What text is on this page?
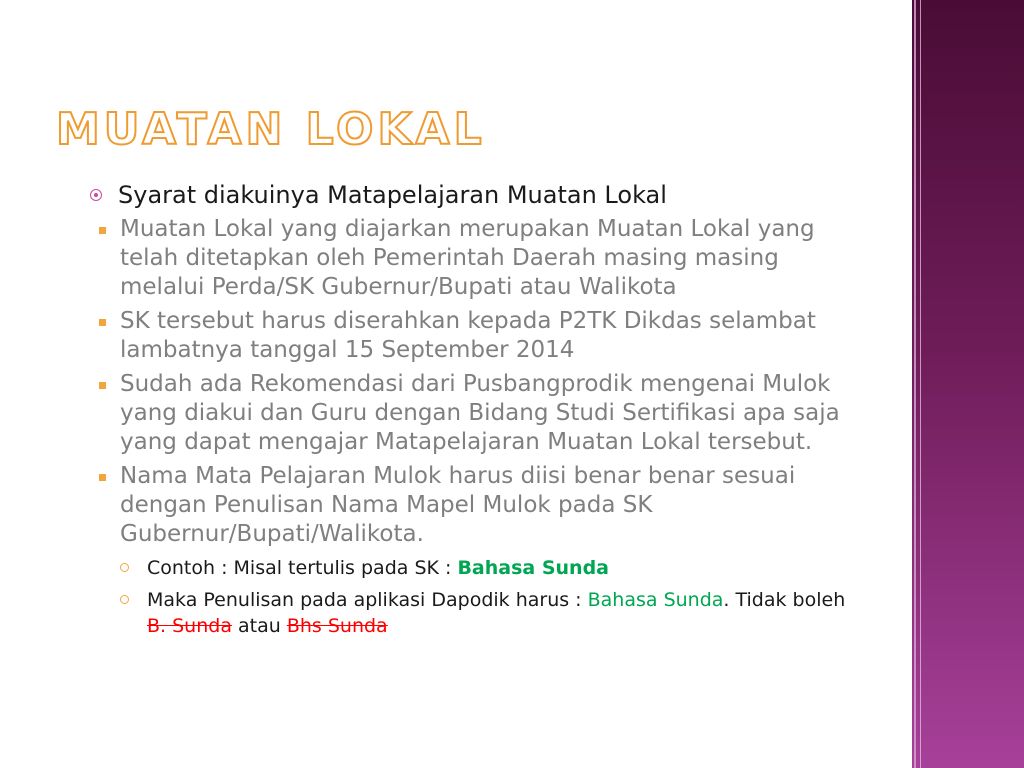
MUATAN LOKAL
Syarat diakuinya Matapelajaran Muatan Lokal
Muatan Lokal yang diajarkan merupakan Muatan Lokal yang telah ditetapkan oleh Pemerintah Daerah masing masing melalui Perda/SK Gubernur/Bupati atau Walikota
SK tersebut harus diserahkan kepada P2TK Dikdas selambat lambatnya tanggal 15 September 2014
Sudah ada Rekomendasi dari Pusbangprodik mengenai Mulok yang diakui dan Guru dengan Bidang Studi Sertifikasi apa saja yang dapat mengajar Matapelajaran Muatan Lokal tersebut.
Nama Mata Pelajaran Mulok harus diisi benar benar sesuai dengan Penulisan Nama Mapel Mulok pada SK Gubernur/Bupati/Walikota.
Contoh : Misal tertulis pada SK : Bahasa Sunda
Maka Penulisan pada aplikasi Dapodik harus : Bahasa Sunda. Tidak boleh B. Sunda atau Bhs Sunda
